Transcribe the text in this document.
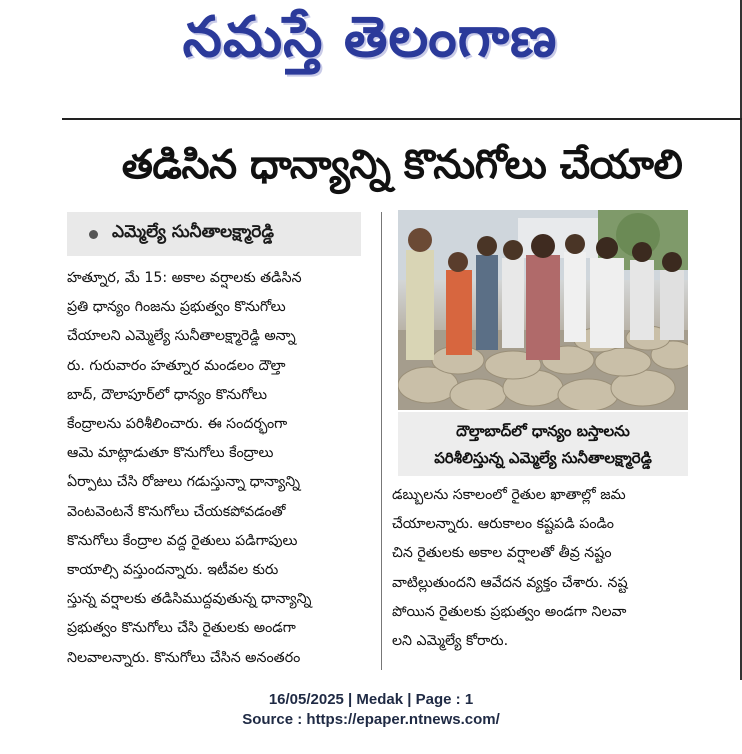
నమస్తే తెలంగాణ
తడిసిన ధాన్యాన్ని కొనుగోలు చేయాలి
ఎమ్మెల్యే సునీతాలక్ష్మారెడ్డి
హత్నూర, మే 15: అకాల వర్షాలకు తడిసిన
ప్రతి ధాన్యం గింజను ప్రభుత్వం కొనుగోలు
చేయాలని ఎమ్మెల్యే సునీతాలక్ష్మారెడ్డి అన్నా
రు. గురువారం హత్నూర మండలం దౌల్తా
బాద్, దౌలాపూర్‌లో ధాన్యం కొనుగోలు
కేంద్రాలను పరిశీలించారు. ఈ సందర్భంగా
ఆమె మాట్లాడుతూ కొనుగోలు కేంద్రాలు
ఏర్పాటు చేసి రోజులు గడుస్తున్నా ధాన్యాన్ని
వెంటవెంటనే కొనుగోలు చేయకపోవడంతో
కొనుగోలు కేంద్రాల వద్ద రైతులు పడిగాపులు
కాయాల్సి వస్తుందన్నారు. ఇటీవల కురు
స్తున్న వర్షాలకు తడిసిముద్దవుతున్న ధాన్యాన్ని
ప్రభుత్వం కొనుగోలు చేసి రైతులకు అండగా
నిలవాలన్నారు. కొనుగోలు చేసిన అనంతరం
దౌల్తాబాద్‌లో ధాన్యం బస్తాలను
పరిశీలిస్తున్న ఎమ్మెల్యే సునీతాలక్ష్మారెడ్డి
డబ్బులను సకాలంలో రైతుల ఖాతాల్లో జమ
చేయాలన్నారు. ఆరుకాలం కష్టపడి పండిం
చిన రైతులకు అకాల వర్షాలతో తీవ్ర నష్టం
వాటిల్లుతుందని ఆవేదన వ్యక్తం చేశారు. నష్ట
పోయిన రైతులకు ప్రభుత్వం అండగా నిలవా
లని ఎమ్మెల్యే కోరారు.
16/05/2025 | Medak | Page : 1
Source : https://epaper.ntnews.com/
